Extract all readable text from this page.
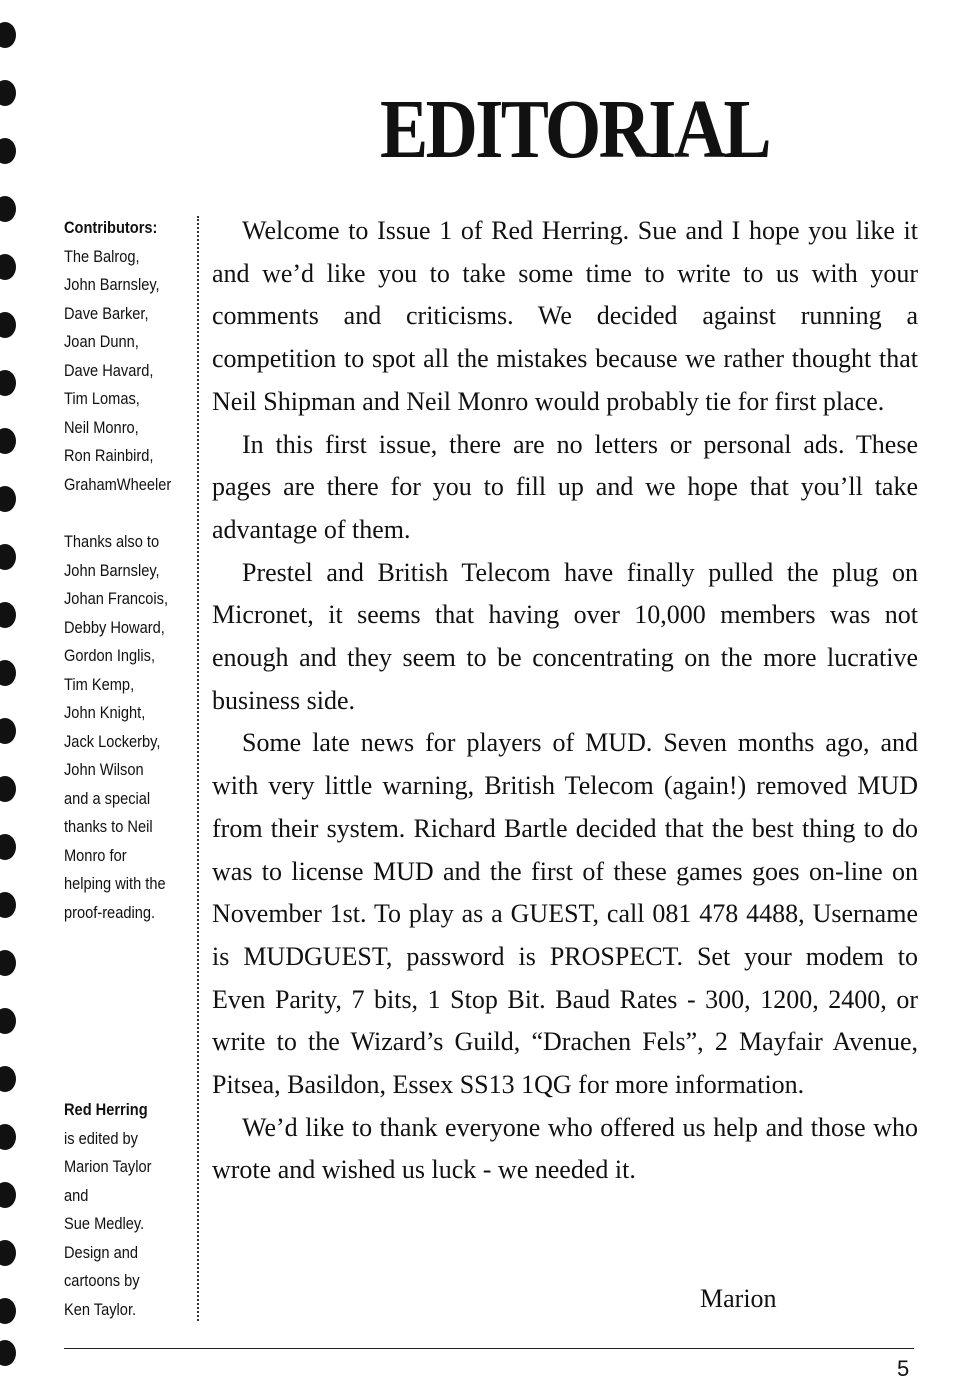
EDITORIAL
Contributors:
The Balrog,
John Barnsley,
Dave Barker,
Joan Dunn,
Dave Havard,
Tim Lomas,
Neil Monro,
Ron Rainbird,
GrahamWheeler
Thanks also to
John Barnsley,
Johan Francois,
Debby Howard,
Gordon Inglis,
Tim Kemp,
John Knight,
Jack Lockerby,
John Wilson
and a special
thanks to Neil
Monro for
helping with the
proof-reading.
Red Herring
is edited by
Marion Taylor
and
Sue Medley.
Design and
cartoons by
Ken Taylor.

Welcome to Issue 1 of Red Herring. Sue and I hope you like it and we’d like you to take some time to write to us with your comments and criticisms. We decided against running a competition to spot all the mistakes because we rather thought that Neil Shipman and Neil Monro would probably tie for first place.

In this first issue, there are no letters or personal ads. These pages are there for you to fill up and we hope that you’ll take advantage of them.

Prestel and British Telecom have finally pulled the plug on Micronet, it seems that having over 10,000 members was not enough and they seem to be concentrating on the more lucrative business side.

Some late news for players of MUD. Seven months ago, and with very little warning, British Telecom (again!) removed MUD from their system. Richard Bartle decided that the best thing to do was to license MUD and the first of these games goes on-line on November 1st. To play as a GUEST, call 081 478 4488, Username is MUDGUEST, password is PROSPECT. Set your modem to Even Parity, 7 bits, 1 Stop Bit. Baud Rates - 300, 1200, 2400, or write to the Wizard’s Guild, “Drachen Fels”, 2 Mayfair Avenue, Pitsea, Basildon, Essex SS13 1QG for more information.

We’d like to thank everyone who offered us help and those who wrote and wished us luck - we needed it.

Marion
5
